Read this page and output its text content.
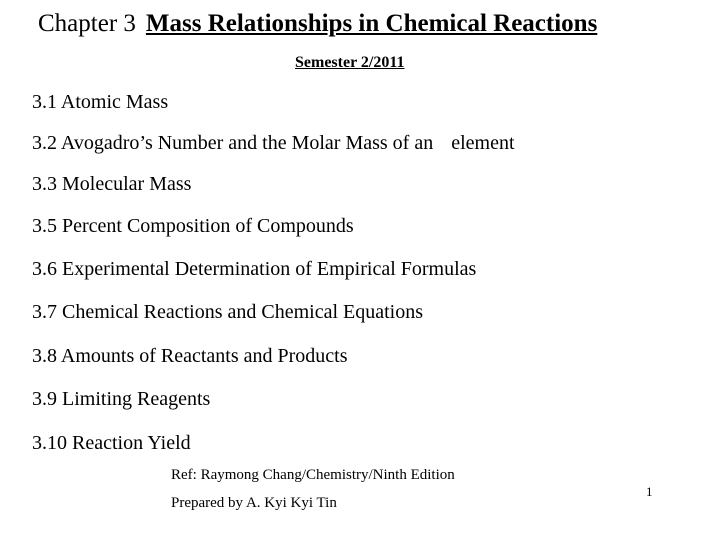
Chapter 3 Mass Relationships in Chemical Reactions
Semester 2/2011
3.1 Atomic Mass
3.2 Avogadro’s Number and the Molar Mass of an element
3.3 Molecular Mass
3.5 Percent Composition of Compounds
3.6 Experimental Determination of Empirical Formulas
3.7 Chemical Reactions and Chemical Equations
3.8 Amounts of Reactants and Products
3.9 Limiting Reagents
3.10 Reaction Yield
Ref: Raymong Chang/Chemistry/Ninth Edition
Prepared by A. Kyi Kyi Tin
1
